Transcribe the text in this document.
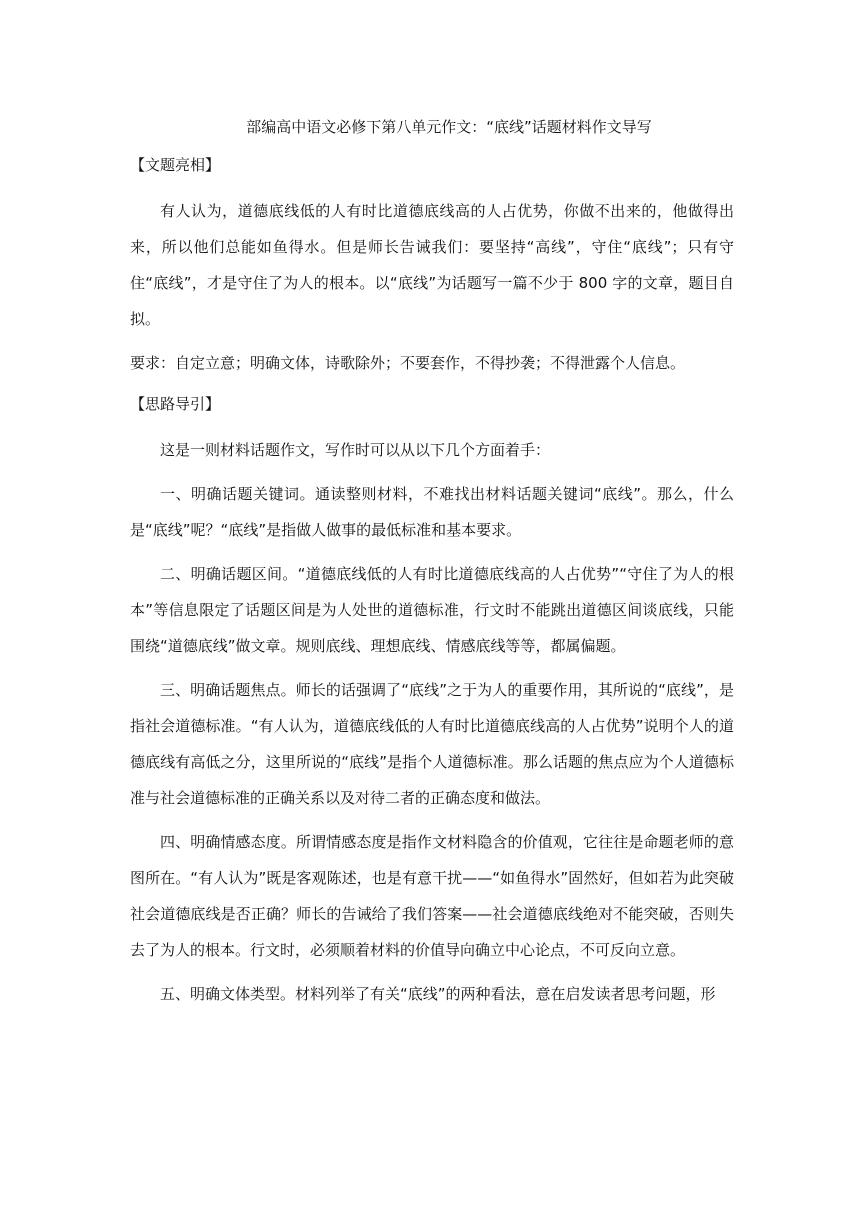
部编高中语文必修下第八单元作文：“底线”话题材料作文导写
【文题亮相】
有人认为，道德底线低的人有时比道德底线高的人占优势，你做不出来的，他做得出来，所以他们总能如鱼得水。但是师长告诫我们：要坚持“高线”，守住“底线”；只有守住“底线”，才是守住了为人的根本。以“底线”为话题写一篇不少于 800 字的文章，题目自拟。
要求：自定立意；明确文体，诗歌除外；不要套作，不得抄袭；不得泄露个人信息。
【思路导引】
这是一则材料话题作文，写作时可以从以下几个方面着手：
一、明确话题关键词。通读整则材料，不难找出材料话题关键词“底线”。那么，什么是“底线”呢？“底线”是指做人做事的最低标准和基本要求。
二、明确话题区间。“道德底线低的人有时比道德底线高的人占优势”“守住了为人的根本”等信息限定了话题区间是为人处世的道德标准，行文时不能跳出道德区间谈底线，只能围绕“道德底线”做文章。规则底线、理想底线、情感底线等等，都属偏题。
三、明确话题焦点。师长的话强调了“底线”之于为人的重要作用，其所说的“底线”，是指社会道德标准。“有人认为，道德底线低的人有时比道德底线高的人占优势”说明个人的道德底线有高低之分，这里所说的“底线”是指个人道德标准。那么话题的焦点应为个人道德标准与社会道德标准的正确关系以及对待二者的正确态度和做法。
四、明确情感态度。所谓情感态度是指作文材料隐含的价值观，它往往是命题老师的意图所在。“有人认为”既是客观陈述，也是有意干扰——“如鱼得水”固然好，但如若为此突破社会道德底线是否正确？师长的告诫给了我们答案——社会道德底线绝对不能突破，否则失去了为人的根本。行文时，必须顺着材料的价值导向确立中心论点，不可反向立意。
五、明确文体类型。材料列举了有关“底线”的两种看法，意在启发读者思考问题，形
